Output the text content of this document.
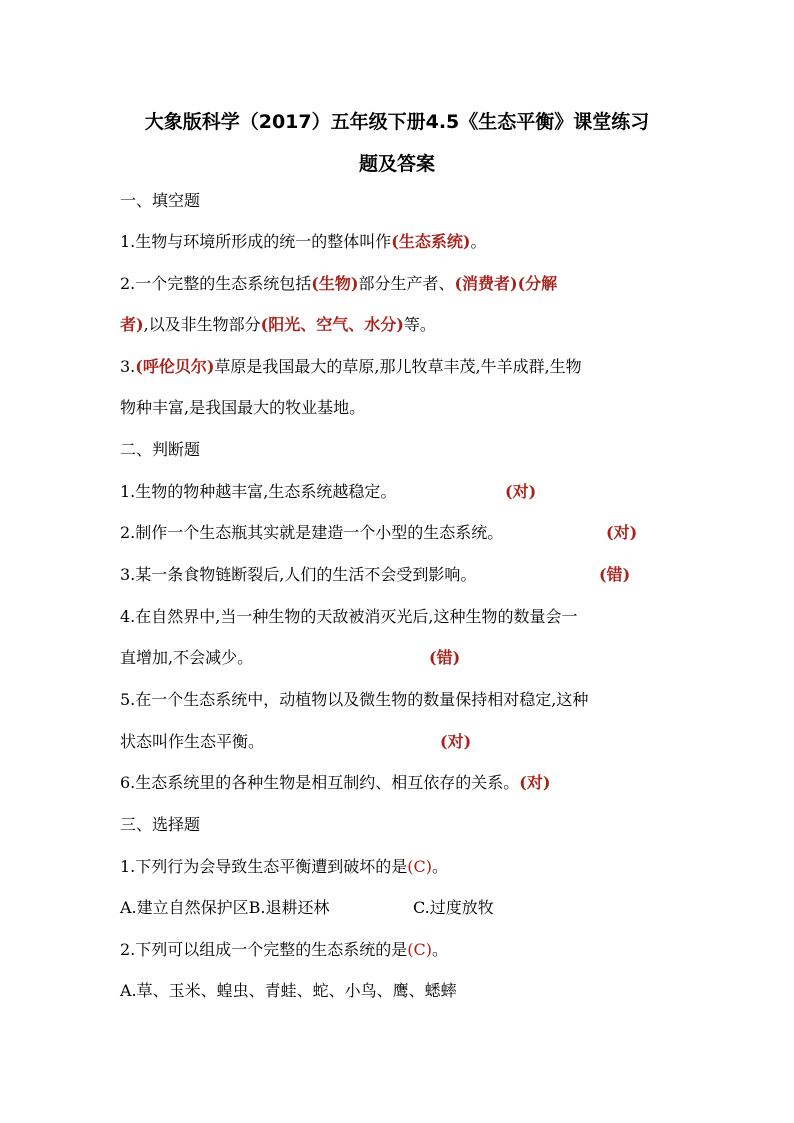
大象版科学（2017）五年级下册4.5《生态平衡》课堂练习
题及答案
一、填空题
1.生物与环境所形成的统一的整体叫作(生态系统)。
2.一个完整的生态系统包括(生物)部分生产者、(消费者)(分解
者),以及非生物部分(阳光、空气、水分)等。
3.(呼伦贝尔)草原是我国最大的草原,那儿牧草丰茂,牛羊成群,生物
物种丰富,是我国最大的牧业基地。
二、判断题
1.生物的物种越丰富,生态系统越稳定。	(对)
2.制作一个生态瓶其实就是建造一个小型的生态系统。	(对)
3.某一条食物链断裂后,人们的生活不会受到影响。	(错)
4.在自然界中,当一种生物的天敌被消灭光后,这种生物的数量会一
直增加,不会减少。	(错)
5.在一个生态系统中，动植物以及微生物的数量保持相对稳定,这种
状态叫作生态平衡。	(对)
6.生态系统里的各种生物是相互制约、相互依存的关系。(对)
三、选择题
1.下列行为会导致生态平衡遭到破坏的是(C)。
A.建立自然保护区B.退耕还林	C.过度放牧
2.下列可以组成一个完整的生态系统的是(C)。
A.草、玉米、蝗虫、青蛙、蛇、小鸟、鹰、蟋蟀
